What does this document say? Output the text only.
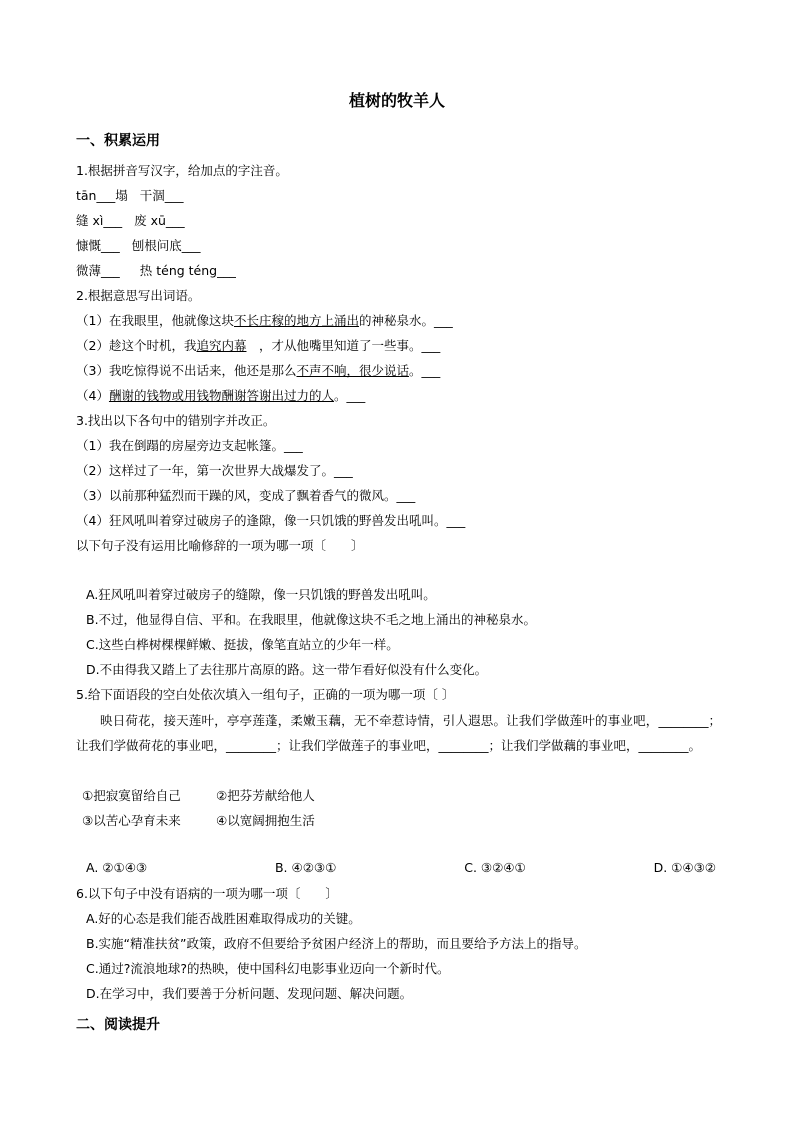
植树的牧羊人
一、积累运用
1.根据拼音写汉字，给加点的字注音。
tān___塌 干涸___
缝 xì___ 废 xū___
慷慨___ 刨根问底___
微薄___ 热 téng téng___
2.根据意思写出词语。
（1）在我眼里，他就像这块不长庄稼的地方上涌出的神秘泉水。___
（2）趁这个时机，我追究内幕　，才从他嘴里知道了一些事。___
（3）我吃惊得说不出话来，他还是那么不声不响，很少说话。___
（4）酬谢的钱物或用钱物酬谢答谢出过力的人。___
3.找出以下各句中的错别字并改正。
（1）我在倒蹋的房屋旁边支起帐篷。___
（2）这样过了一年，第一次世界大战爆发了。___
（3）以前那种猛烈而干躁的风，变成了飘着香气的微风。___
（4）狂风吼叫着穿过破房子的逢隙，像一只饥饿的野兽发出吼叫。___
以下句子没有运用比喻修辞的一项为哪一项〔　　〕
A.狂风吼叫着穿过破房子的缝隙，像一只饥饿的野兽发出吼叫。
B.不过，他显得自信、平和。在我眼里，他就像这块不毛之地上涌出的神秘泉水。
C.这些白桦树棵棵鲜嫩、挺拔，像笔直站立的少年一样。
D.不由得我又踏上了去往那片高原的路。这一带乍看好似没有什么变化。
5.给下面语段的空白处依次填入一组句子，正确的一项为哪一项〔 〕
映日荷花，接天莲叶，亭亭莲蓬，柔嫩玉藕，无不牵惹诗情，引人遐思。让我们学做莲叶的事业吧，________；让我们学做荷花的事业吧，________；让我们学做莲子的事业吧，________；让我们学做藕的事业吧，________。
①把寂寞留给自己	②把芬芳献给他人
③以苦心孕育未来	④以宽阔拥抱生活
A. ②①④③	B. ④②③①	C. ③②④①	D. ①④③②
6.以下句子中没有语病的一项为哪一项〔　　〕
A.好的心态是我们能否战胜困难取得成功的关键。
B.实施“精准扶贫”政策，政府不但要给予贫困户经济上的帮助，而且要给予方法上的指导。
C.通过?流浪地球?的热映，使中国科幻电影事业迈向一个新时代。
D.在学习中，我们要善于分析问题、发现问题、解决问题。
二、阅读提升
